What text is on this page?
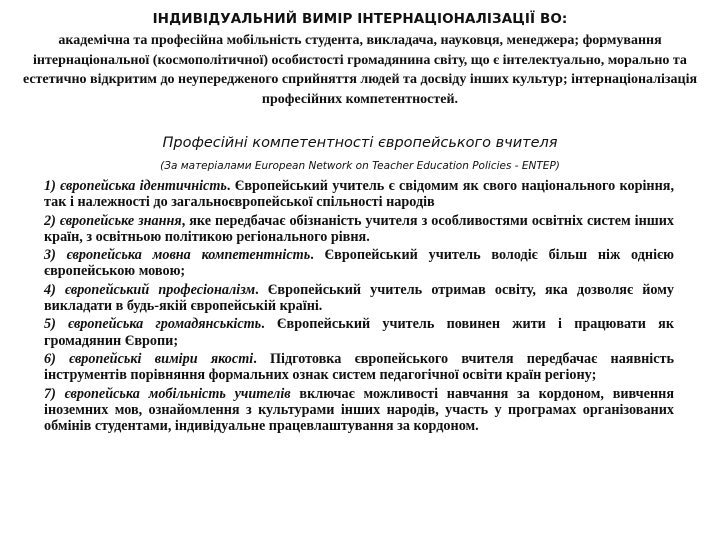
ІНДИВІДУАЛЬНИЙ ВИМІР ІНТЕРНАЦІОНАЛІЗАЦІЇ ВО:
академічна та професійна мобільність студента, викладача, науковця, менеджера; формування інтернаціональної (космополітичної) особистості громадянина світу, що є інтелектуально, морально та естетично відкритим до неупередженого сприйняття людей та досвіду інших культур; інтернаціоналізація професійних компетентностей.
Професійні компетентності європейського вчителя
(За матеріалами European Network on Teacher Education Policies - ENTEP)

1) європейська ідентичність. Європейський учитель є свідомим як свого національного коріння, так і належності до загальноєвропейської спільності народів

2) європейське знання, яке передбачає обізнаність учителя з особливостями освітніх систем інших країн, з освітньою політикою регіонального рівня.

3) європейська мовна компетентність. Європейський учитель володіє більш ніж однією європейською мовою;

4) європейський професіоналізм. Європейський учитель отримав освіту, яка дозволяє йому викладати в будь-якій європейській країні.

5) європейська громадянськість. Європейський учитель повинен жити і працювати як громадянин Європи;

6) європейські виміри якості. Підготовка європейського вчителя передбачає наявність інструментів порівняння формальних ознак систем педагогічної освіти країн регіону;

7) європейська мобільність учителів включає можливості навчання за кордоном, вивчення іноземних мов, ознайомлення з культурами інших народів, участь у програмах організованих обмінів студентами, індивідуальне працевлаштування за кордоном.
